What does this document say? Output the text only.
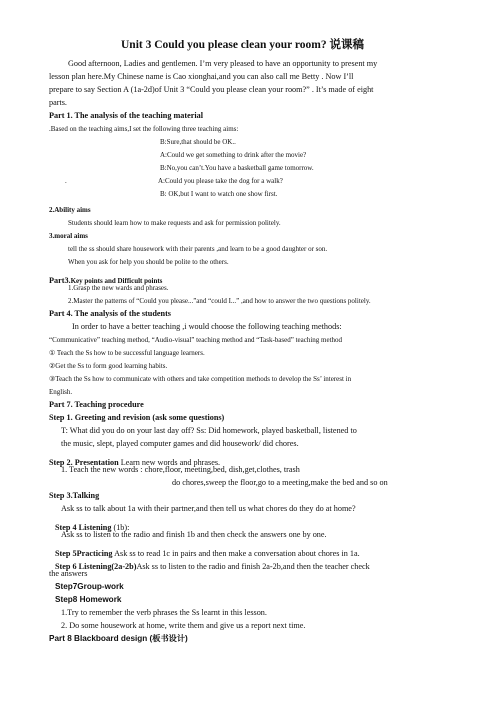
Unit 3 Could you please clean your room? 说课稿
Good afternoon, Ladies and gentlemen. I’m very pleased to have an opportunity to present my
lesson plan here.My Chinese name is Cao xionghai,and you can also call me Betty . Now I’ll
prepare to say Section A (1a-2d)of Unit 3 “Could you please clean your room?” . It’s made of eight
parts.
Part 1. The analysis of the teaching material
.Based on the teaching aims,I set the following three teaching aims:
B:Sure,that should be OK..
A:Could we get something to drink after the movie?
B:No,you can’t.You have a basketball game tomorrow.
.	A:Could you please take the dog for a walk?
B: OK,but I want to watch one show first.
2.Ability aims
Students should learn how to make requests and ask for permission politely.
3.moral aims
tell the ss should share housework with their parents ,and learn to be a good daughter or son.
When you ask for help you should be polite to the others.
Part3.Key points and Difficult points
1.Grasp the new wards and phrases.
2.Master the patterns of “Could you please...”and “could I...” ,and how to answer the two questions politely.
Part 4. The analysis of the students
In order to have a better teaching ,i would choose the following teaching methods:
“Communicative” teaching method, “Audio-visual” teaching method and “Task-based” teaching method
① Teach the Ss how to be successful language learners.
②Get the Ss to form good learning habits.
③Teach the Ss how to communicate with others and take competition methods to develop the Ss’ interest in
English.
Part 7. Teaching procedure
Step 1. Greeting and revision (ask some questions)
T: What did you do on your last day off? Ss: Did homework, played basketball, listened to
the music, slept, played computer games and did housework/ did chores.
Step 2. Presentation Learn new words and phrases.
1. Teach the new words : chore,floor, meeting,bed, dish,get,clothes, trash
do chores,sweep the floor,go to a meeting,make the bed and so on
Step 3.Talking
Ask ss to talk about 1a with their partner,and then tell us what chores do they do at home?
Step 4 Listening (1b):
Ask ss to listen to the radio and finish 1b and then check the answers one by one.
Step 5Practicing Ask ss to read 1c in pairs and then make a conversation about chores in 1a.
Step 6 Listening(2a-2b)Ask ss to listen to the radio and finish 2a-2b,and then the teacher check
the answers
Step7Group-work
Step8 Homework
1.Try to remember the verb phrases the Ss learnt in this lesson.
2. Do some housework at home, write them and give us a report next time.
Part 8 Blackboard design (板书设计)
